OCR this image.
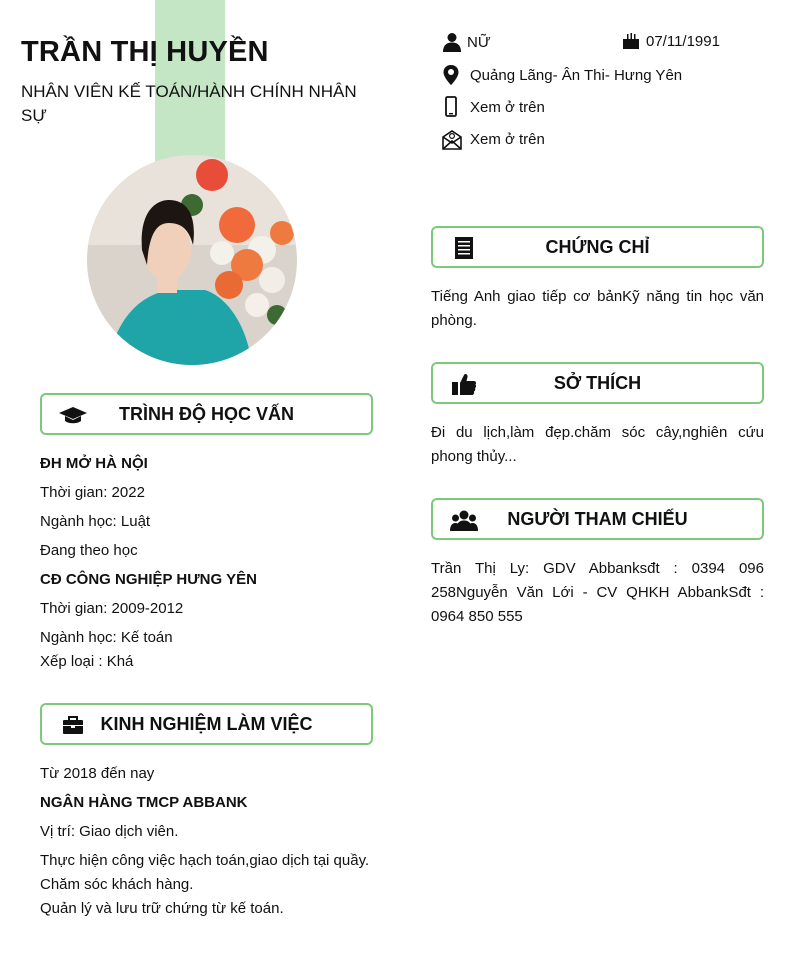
TRẦN THỊ HUYỀN
NHÂN VIÊN KẾ TOÁN/HÀNH CHÍNH NHÂN SỰ
TRÌNH ĐỘ HỌC VẤN
ĐH MỞ HÀ NỘI
Thời gian: 2022
Ngành học: Luật
Đang theo học
CĐ CÔNG NGHIỆP HƯNG YÊN
Thời gian: 2009-2012
Ngành học: Kế toán
Xếp loại : Khá
KINH NGHIỆM LÀM VIỆC
Từ 2018 đến nay
NGÂN HÀNG TMCP ABBANK
Vị trí: Giao dịch viên.
Thực hiện công việc hạch toán,giao dịch tại quầy.
Chăm sóc khách hàng.
Quản lý và lưu trữ chứng từ kế toán.
NỮ	07/11/1991
Quảng Lãng- Ân Thi- Hưng Yên
Xem ở trên
Xem ở trên
CHỨNG CHỈ
Tiếng Anh giao tiếp cơ bảnKỹ năng tin học văn phòng.
SỞ THÍCH
Đi du lịch,làm đẹp.chăm sóc cây,nghiên cứu phong thủy...
NGƯỜI THAM CHIẾU
Trần Thị Ly: GDV Abbanksđt : 0394 096 258Nguyễn Văn Lới - CV QHKH AbbankSđt : 0964 850 555
